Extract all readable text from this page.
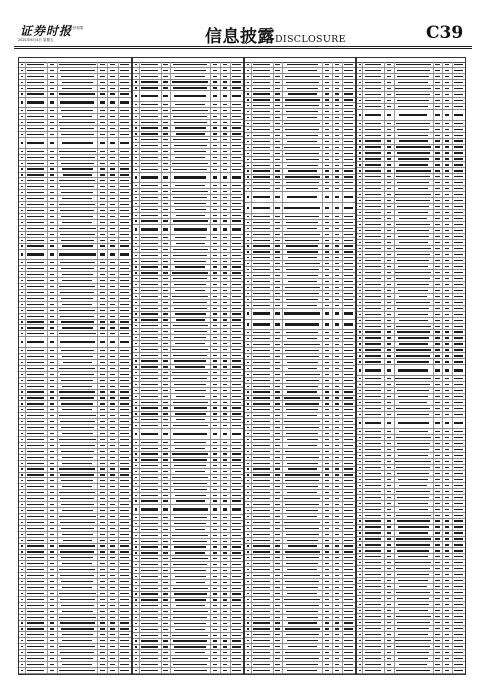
证券时报
股份有限
2021年6月4日 星期五	信息披露DISCLOSURE	C39
